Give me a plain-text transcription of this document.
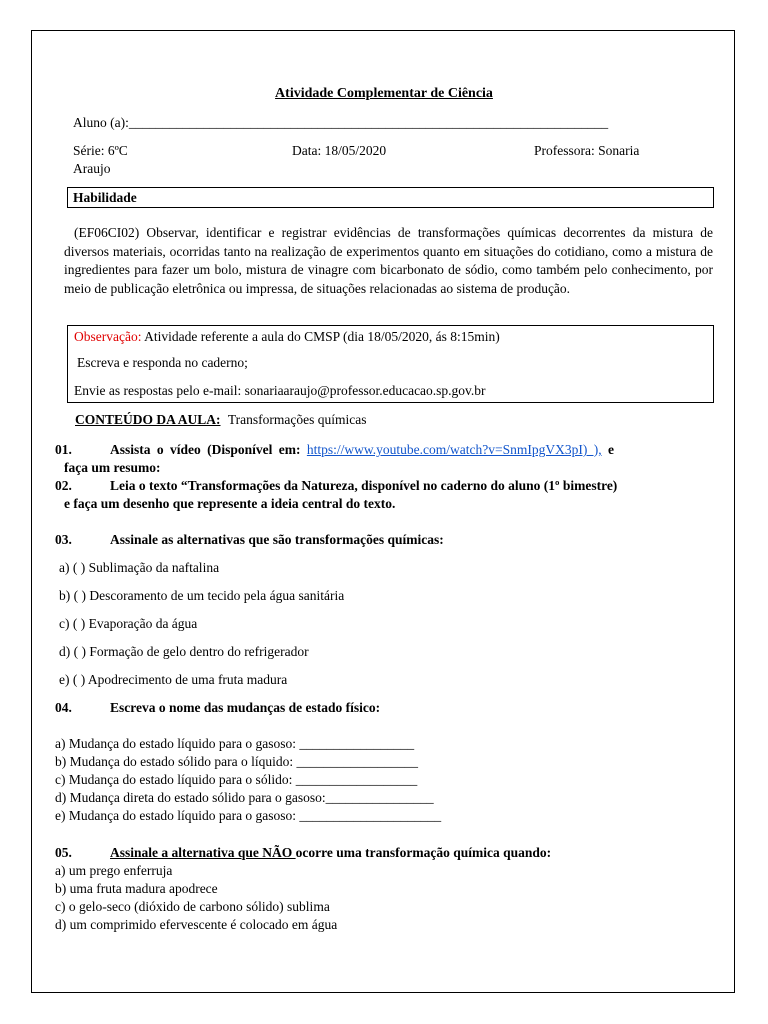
Atividade Complementar de Ciência
Aluno (a):_______________________________________________________________________
Série: 6ºC	Data: 18/05/2020	Professora: Sonaria
Araujo
Habilidade
(EF06CI02) Observar, identificar e registrar evidências de transformações químicas decorrentes da mistura de diversos materiais, ocorridas tanto na realização de experimentos quanto em situações do cotidiano, como a mistura de ingredientes para fazer um bolo, mistura de vinagre com bicarbonato de sódio, como também pelo conhecimento, por meio de publicação eletrônica ou impressa, de situações relacionadas ao sistema de produção.
Observação: Atividade referente a aula do CMSP (dia 18/05/2020, ás 8:15min)
Escreva e responda no caderno;
Envie as respostas pelo e-mail: sonariaaraujo@professor.educacao.sp.gov.br
CONTEÚDO DA AULA: Transformações químicas
01.	Assista o vídeo (Disponível em: https://www.youtube.com/watch?v=SnmIpgVX3pI) ), e
faça um resumo:
02.	Leia o texto “Transformações da Natureza, disponível no caderno do aluno (1º bimestre)
e faça um desenho que represente a ideia central do texto.
03.	Assinale as alternativas que são transformações químicas:
a) ( ) Sublimação da naftalina
b) ( ) Descoramento de um tecido pela água sanitária
c) ( ) Evaporação da água
d) ( ) Formação de gelo dentro do refrigerador
e) ( ) Apodrecimento de uma fruta madura
04.	Escreva o nome das mudanças de estado físico:
a) Mudança do estado líquido para o gasoso: _________________
b) Mudança do estado sólido para o líquido: __________________
c) Mudança do estado líquido para o sólido: __________________
d) Mudança direta do estado sólido para o gasoso:________________
e) Mudança do estado líquido para o gasoso: _____________________
05.	Assinale a alternativa que NÃO ocorre uma transformação química quando:
a) um prego enferruja
b) uma fruta madura apodrece
c) o gelo-seco (dióxido de carbono sólido) sublima
d) um comprimido efervescente é colocado em água
